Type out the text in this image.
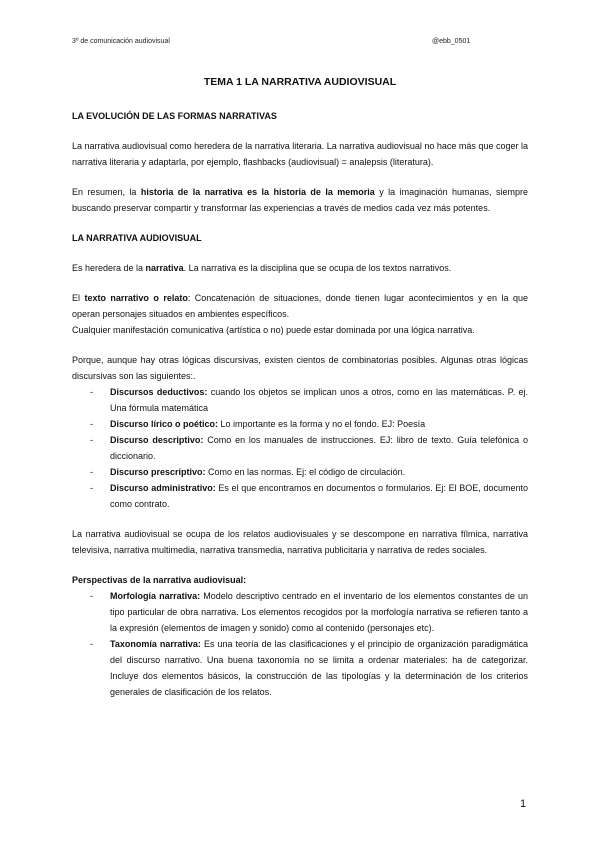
3º de comunicación audiovisual	@ebb_0501
TEMA 1 LA NARRATIVA AUDIOVISUAL
LA EVOLUCIÓN DE LAS FORMAS NARRATIVAS
La narrativa audiovisual como heredera de la narrativa literaria. La narrativa audiovisual no hace más que coger la narrativa literaria y adaptarla, por ejemplo, flashbacks (audiovisual) = analepsis (literatura).
En resumen, la historia de la narrativa es la historia de la memoria y la imaginación humanas, siempre buscando preservar compartir y transformar las experiencias a través de medios cada vez más potentes.
LA NARRATIVA AUDIOVISUAL
Es heredera de la narrativa. La narrativa es la disciplina que se ocupa de los textos narrativos.
El texto narrativo o relato: Concatenación de situaciones, donde tienen lugar acontecimientos y en la que operan personajes situados en ambientes específicos.
Cualquier manifestación comunicativa (artística o no) puede estar dominada por una lógica narrativa.
Porque, aunque hay otras lógicas discursivas, existen cientos de combinatorias posibles. Algunas otras lógicas discursivas son las siguientes:.
- Discursos deductivos: cuando los objetos se implican unos a otros, como en las matemáticas. P. ej. Una fórmula matemática
- Discurso lírico o poético: Lo importante es la forma y no el fondo. EJ: Poesía
- Discurso descriptivo: Como en los manuales de instrucciones. EJ: libro de texto. Guía telefónica o diccionario.
- Discurso prescriptivo: Como en las normas. Ej: el código de circulación.
- Discurso administrativo: Es el que encontramos en documentos o formularios. Ej: El BOE, documento como contrato.
La narrativa audiovisual se ocupa de los relatos audiovisuales y se descompone en narrativa fílmica, narrativa televisiva, narrativa multimedia, narrativa transmedia, narrativa publicitaria y narrativa de redes sociales.
Perspectivas de la narrativa audiovisual:
- Morfología narrativa: Modelo descriptivo centrado en el inventario de los elementos constantes de un tipo particular de obra narrativa. Los elementos recogidos por la morfología narrativa se refieren tanto a la expresión (elementos de imagen y sonido) como al contenido (personajes etc).
- Taxonomía narrativa: Es una teoría de las clasificaciones y el principio de organización paradigmática del discurso narrativo. Una buena taxonomía no se limita a ordenar materiales: ha de categorizar. Incluye dos elementos básicos, la construcción de las tipologías y la determinación de los criterios generales de clasificación de los relatos.
1
